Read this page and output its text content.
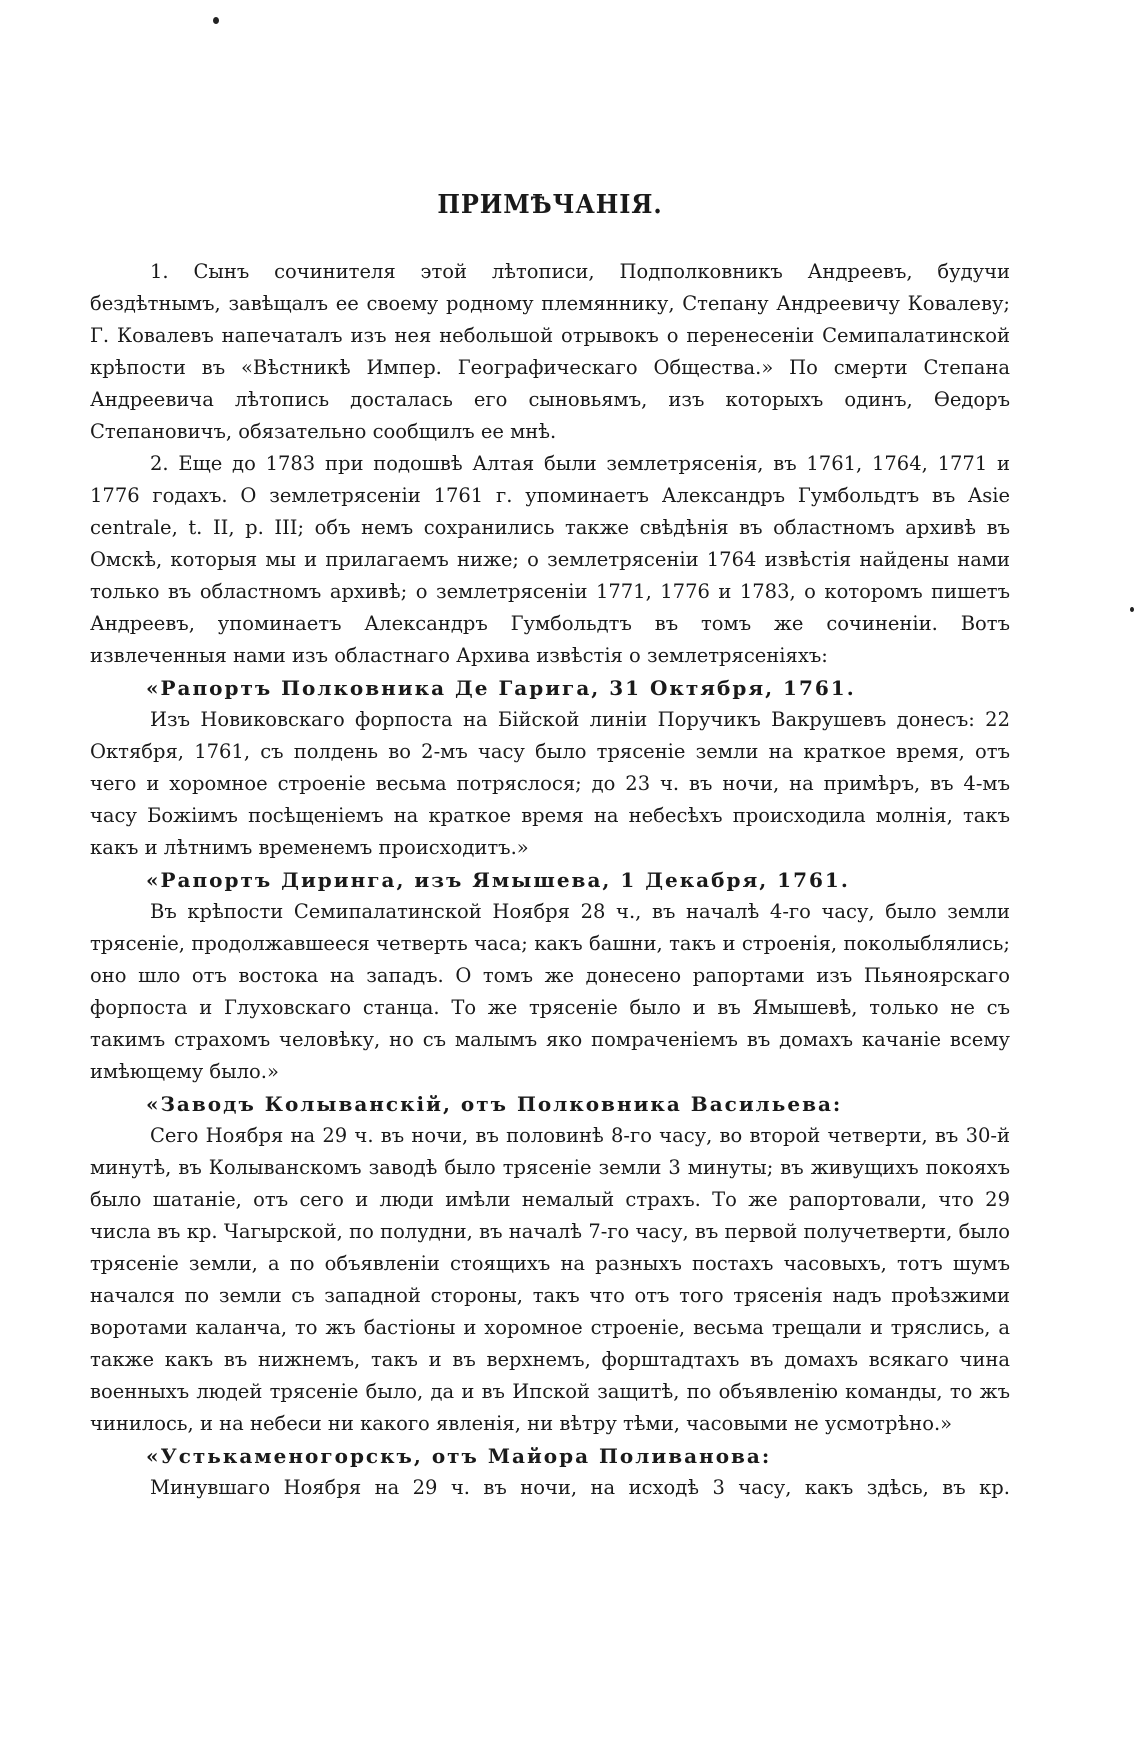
ПРИМѢЧАНІЯ.

1. Сынъ сочинителя этой лѣтописи, Подполковникъ Андреевъ, будучи бездѣтнымъ, завѣщалъ ее своему родному племяннику, Степану Андреевичу Ковалеву; Г. Ковалевъ напечаталъ изъ нея небольшой отрывокъ о перенесеніи Семипалатинской крѣпости въ «Вѣстникѣ Импер. Географическаго Общества.» По смерти Степана Андреевича лѣтопись досталась его сыновьямъ, изъ которыхъ одинъ, Ѳедоръ Степановичъ, обязательно сообщилъ ее мнѣ.

2. Еще до 1783 при подошвѣ Алтая были землетрясенія, въ 1761, 1764, 1771 и 1776 годахъ. О землетрясеніи 1761 г. упоминаетъ Александръ Гумбольдтъ въ Asie centrale, t. II, p. III; объ немъ сохранились также свѣдѣнія въ областномъ архивѣ въ Омскѣ, которыя мы и прилагаемъ ниже; о землетрясеніи 1764 извѣстія найдены нами только въ областномъ архивѣ; о землетрясеніи 1771, 1776 и 1783, о которомъ пишетъ Андреевъ, упоминаетъ Александръ Гумбольдтъ въ томъ же сочиненіи. Вотъ извлеченныя нами изъ областнаго Архива извѣстія о землетрясеніяхъ:

«Рапортъ Полковника Де Гарига, 31 Октября, 1761.

Изъ Новиковскаго форпоста на Бійской линіи Поручикъ Вакрушевъ донесъ: 22 Октября, 1761, съ полдень во 2-мъ часу было трясеніе земли на краткое время, отъ чего и хоромное строеніе весьма потряслося; до 23 ч. въ ночи, на примѣръ, въ 4-мъ часу Божіимъ посѣщеніемъ на краткое время на небесѣхъ происходила молнія, такъ какъ и лѣтнимъ временемъ происходитъ.»

«Рапортъ Диринга, изъ Ямышева, 1 Декабря, 1761.

Въ крѣпости Семипалатинской Ноября 28 ч., въ началѣ 4-го часу, было земли трясеніе, продолжавшееся четверть часа; какъ башни, такъ и строенія, поколыблялись; оно шло отъ востока на западъ. О томъ же донесено рапортами изъ Пьяноярскаго форпоста и Глуховскаго станца. То же трясеніе было и въ Ямышевѣ, только не съ такимъ страхомъ человѣку, но съ малымъ яко помраченіемъ въ домахъ качаніе всему имѣющему было.»

«Заводъ Колыванскій, отъ Полковника Васильева:

Сего Ноября на 29 ч. въ ночи, въ половинѣ 8-го часу, во второй четверти, въ 30-й минутѣ, въ Колыванскомъ заводѣ было трясеніе земли 3 минуты; въ живущихъ покояхъ было шатаніе, отъ сего и люди имѣли немалый страхъ. То же рапортовали, что 29 числа въ кр. Чагырской, по полудни, въ началѣ 7-го часу, въ первой получетверти, было трясеніе земли, а по объявленіи стоящихъ на разныхъ постахъ часовыхъ, тотъ шумъ начался по земли съ западной стороны, такъ что отъ того трясенія надъ проѣзжими воротами каланча, то жъ бастіоны и хоромное строеніе, весьма трещали и тряслись, а также какъ въ нижнемъ, такъ и въ верхнемъ, форштадтахъ въ домахъ всякаго чина военныхъ людей трясеніе было, да и въ Ипской защитѣ, по объявленію команды, то жъ чинилось, и на небеси ни какого явленія, ни вѣтру тѣми, часовыми не усмотрѣно.»

«Устькаменогорскъ, отъ Майора Поливанова:

Минувшаго Ноября на 29 ч. въ ночи, на исходѣ 3 часу, какъ здѣсь, въ кр.
